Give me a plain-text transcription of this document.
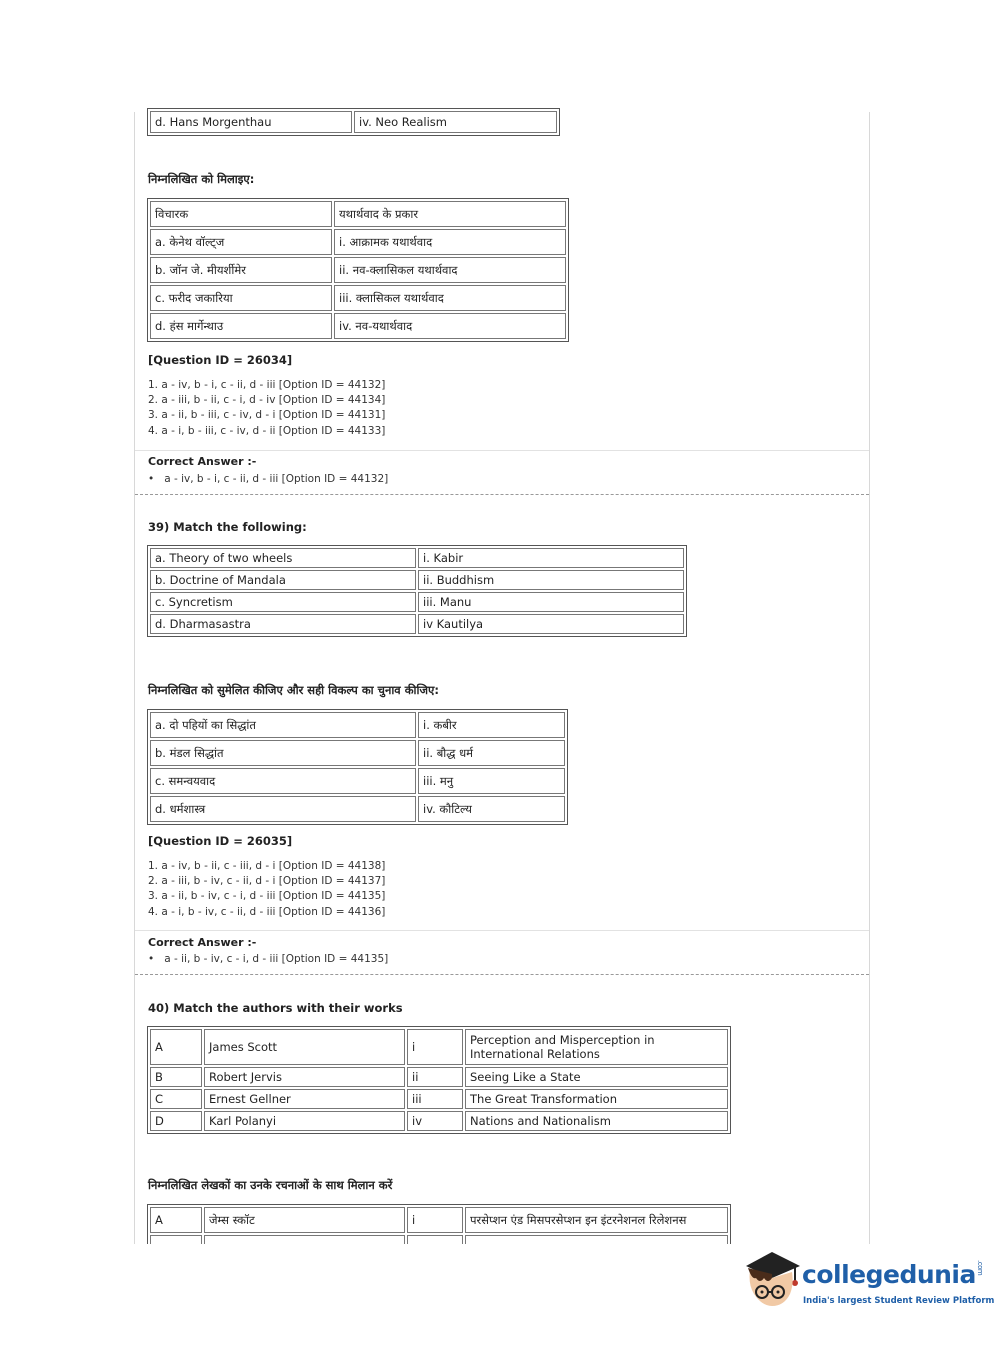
d. Hans Morgenthau	iv. Neo Realism
निम्नलिखित को मिलाइए:
विचारक	यथार्थवाद के प्रकार
a. केनेथ वॉल्ट्ज	i. आक्रामक यथार्थवाद
b. जॉन जे. मीयर्शीमेर	ii. नव-क्लासिकल यथार्थवाद
c. फरीद जकारिया	iii. क्लासिकल यथार्थवाद
d. हंस मार्गेन्थाउ	iv. नव-यथार्थवाद
[Question ID = 26034]
1. a - iv, b - i, c - ii, d - iii [Option ID = 44132]
2. a - iii, b - ii, c - i, d - iv [Option ID = 44134]
3. a - ii, b - iii, c - iv, d - i [Option ID = 44131]
4. a - i, b - iii, c - iv, d - ii [Option ID = 44133]
Correct Answer :-
• a - iv, b - i, c - ii, d - iii [Option ID = 44132]
39) Match the following:
a. Theory of two wheels	i. Kabir
b. Doctrine of Mandala	ii. Buddhism
c. Syncretism	iii. Manu
d. Dharmasastra	iv Kautilya
निम्नलिखित को सुमेलित कीजिए और सही विकल्प का चुनाव कीजिए:
a. दो पहियों का सिद्धांत	i. कबीर
b. मंडल सिद्धांत	ii. बौद्ध धर्म
c. समन्वयवाद	iii. मनु
d. धर्मशास्त्र	iv. कौटिल्य
[Question ID = 26035]
1. a - iv, b - ii, c - iii, d - i [Option ID = 44138]
2. a - iii, b - iv, c - ii, d - i [Option ID = 44137]
3. a - ii, b - iv, c - i, d - iii [Option ID = 44135]
4. a - i, b - iv, c - ii, d - iii [Option ID = 44136]
Correct Answer :-
• a - ii, b - iv, c - i, d - iii [Option ID = 44135]
40) Match the authors with their works
A	James Scott	i	Perception and Misperception in International Relations
B	Robert Jervis	ii	Seeing Like a State
C	Ernest Gellner	iii	The Great Transformation
D	Karl Polanyi	iv	Nations and Nationalism
निम्नलिखित लेखकों का उनके रचनाओं के साथ मिलान करें
A	जेम्स स्कॉट	i	परसेप्शन एंड मिसपरसेप्शन इन इंटरनेशनल रिलेशनस

collegedunia.com
India's largest Student Review Platform
